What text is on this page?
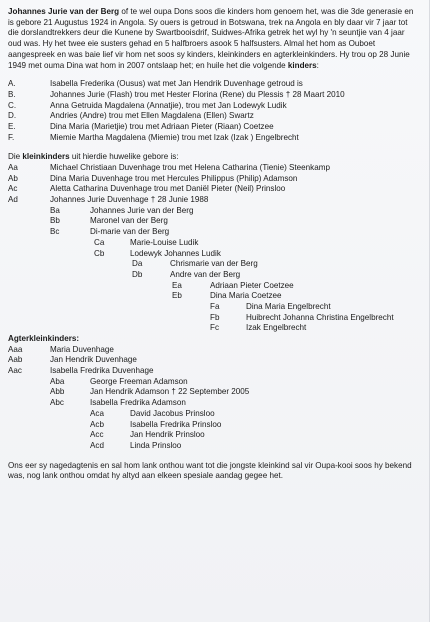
Johannes Jurie van der Berg of te wel oupa Dons soos die kinders hom genoem het, was die 3de generasie en is gebore 21 Augustus 1924 in Angola. Sy ouers is getroud in Botswana, trek na Angola en bly daar vir 7 jaar tot die dorslandtrekkers deur die Kunene by Swartbooisdrif, Suidwes-Afrika getrek het wyl hy 'n seuntjie van 4 jaar oud was. Hy het twee eie susters gehad en 5 halfbroers asook 5 halfsusters. Almal het hom as Ouboet aangespreek en was baie lief vir hom net soos sy kinders, kleinkinders en agterkleinkinders. Hy trou op 28 Junie 1949 met ouma Dina wat hom in 2007 ontslaap het; en huile het die volgende kinders:

A.	Isabella Frederika (Ousus) wat met Jan Hendrik Duvenhage getroud is
B.	Johannes Jurie (Flash) trou met Hester Florina (Rene) du Plessis † 28 Maart 2010
C.	Anna Getruida Magdalena (Annatjie), trou met Jan Lodewyk Ludik
D.	Andries (Andre) trou met Ellen Magdalena (Ellen) Swartz
E.	Dina Maria (Marietjie) trou met Adriaan Pieter (Riaan) Coetzee
F.	Miemie Martha Magdalena (Miemie) trou met Izak (Izak ) Engelbrecht
Die kleinkinders uit hierdie huwelike gebore is:
Aa	Michael Christiaan Duvenhage trou met Helena Catharina (Tienie) Steenkamp
Ab	Dina Maria Duvenhage trou met Hercules Philippus (Philip) Adamson
Ac	Aletta Catharina Duvenhage trou met Daniël Pieter (Neil) Prinsloo
Ad	Johannes Jurie Duvenhage † 28 Junie 1988
Ba	Johannes Jurie van der Berg
Bb	Maronel van der Berg
Bc	Di-marie van der Berg
Ca	Marie-Louise Ludik
Cb	Lodewyk Johannes Ludik
Da	Chrismarie van der Berg
Db	Andre van der Berg
Ea	Adriaan Pieter Coetzee
Eb	Dina Maria Coetzee
Fa	Dina Maria Engelbrecht
Fb	Huibrecht Johanna Christina Engelbrecht
Fc	Izak Engelbrecht
Agterkleinkinders:
Aaa	Maria Duvenhage
Aab	Jan Hendrik Duvenhage
Aac	Isabella Fredrika Duvenhage
Aba	George Freeman Adamson
Abb	Jan Hendrik Adamson † 22 September 2005
Abc	Isabella Fredrika Adamson
Aca	David Jacobus Prinsloo
Acb	Isabella Fredrika Prinsloo
Acc	Jan Hendrik Prinsloo
Acd	Linda Prinsloo

Ons eer sy nagedagtenis en sal hom lank onthou want tot die jongste kleinkind sal vir Oupa-kooi soos hy bekend was, nog lank onthou omdat hy altyd aan elkeen spesiale aandag gegee het.
